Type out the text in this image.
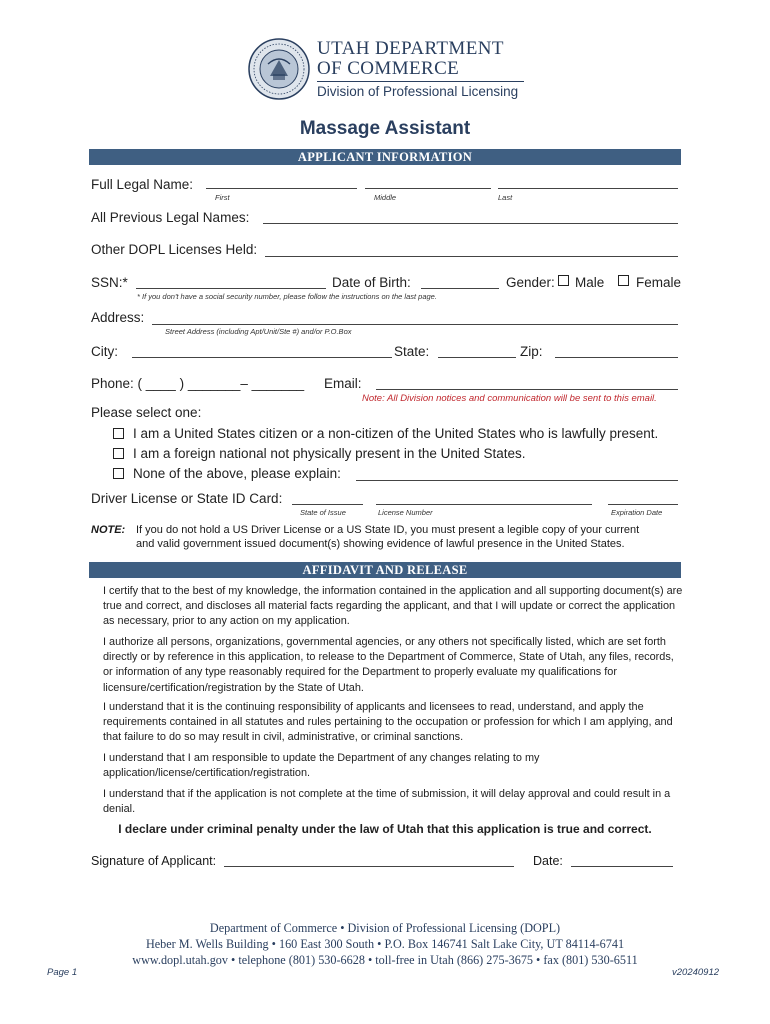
UTAH DEPARTMENT
OF COMMERCE
Division of Professional Licensing
Massage Assistant
APPLICANT INFORMATION
Full Legal Name:
First	Middle	Last
All Previous Legal Names:
Other DOPL Licenses Held:
SSN:*	Date of Birth:	Gender: Male Female
* If you don't have a social security number, please follow the instructions on the last page.
Address:
Street Address (including Apt/Unit/Ste #) and/or P.O.Box
City:	State:	Zip:
Phone: ( ____ ) _______– _______ Email:
Note: All Division notices and communication will be sent to this email.
Please select one:
I am a United States citizen or a non-citizen of the United States who is lawfully present.
I am a foreign national not physically present in the United States.
None of the above, please explain:
Driver License or State ID Card:
State of Issue	License Number	Expiration Date
NOTE: If you do not hold a US Driver License or a US State ID, you must present a legible copy of your current
and valid government issued document(s) showing evidence of lawful presence in the United States.
AFFIDAVIT AND RELEASE
I certify that to the best of my knowledge, the information contained in the application and all supporting document(s) are true and correct, and discloses all material facts regarding the applicant, and that I will update or correct the application as necessary, prior to any action on my application.
I authorize all persons, organizations, governmental agencies, or any others not specifically listed, which are set forth directly or by reference in this application, to release to the Department of Commerce, State of Utah, any files, records, or information of any type reasonably required for the Department to properly evaluate my qualifications for licensure/certification/registration by the State of Utah.
I understand that it is the continuing responsibility of applicants and licensees to read, understand, and apply the requirements contained in all statutes and rules pertaining to the occupation or profession for which I am applying, and that failure to do so may result in civil, administrative, or criminal sanctions.
I understand that I am responsible to update the Department of any changes relating to my application/license/certification/registration.
I understand that if the application is not complete at the time of submission, it will delay approval and could result in a denial.
I declare under criminal penalty under the law of Utah that this application is true and correct.
Signature of Applicant:	Date:
Department of Commerce • Division of Professional Licensing (DOPL)
Heber M. Wells Building • 160 East 300 South • P.O. Box 146741 Salt Lake City, UT 84114-6741
www.dopl.utah.gov • telephone (801) 530-6628 • toll-free in Utah (866) 275-3675 • fax (801) 530-6511
Page 1	v20240912
